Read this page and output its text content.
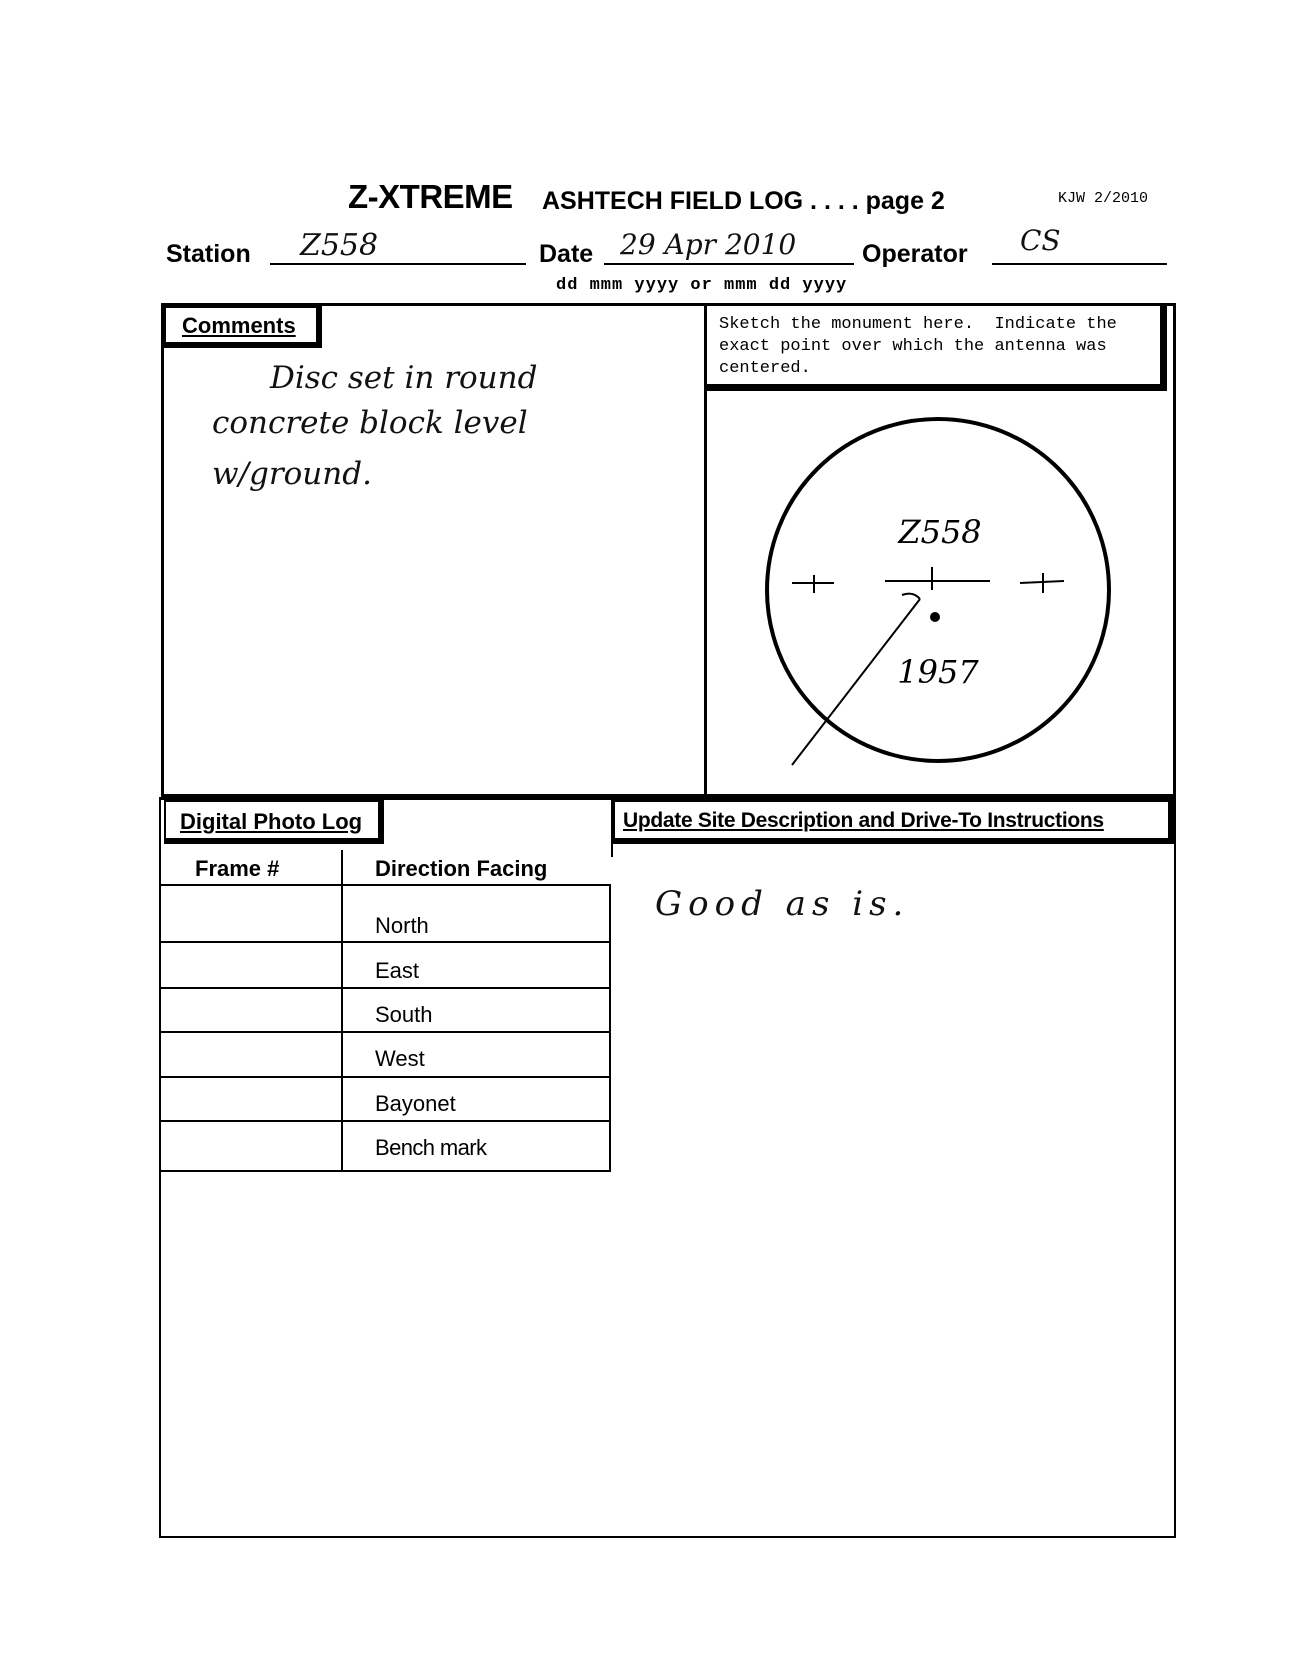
Z-XTREME ASHTECH FIELD LOG . . . . page 2	KJW 2/2010
Station Z558	Date 29 Apr 2010	Operator CS
dd mmm yyyy or mmm dd yyyy
Comments
Disc set in round
concrete block level
w/ground.
Sketch the monument here.  Indicate the
exact point over which the antenna was
centered.
Z558
1957
Digital Photo Log
Frame #	Direction Facing
North
East
South
West
Bayonet
Bench mark
Update Site Description and Drive-To Instructions
Good as is.
